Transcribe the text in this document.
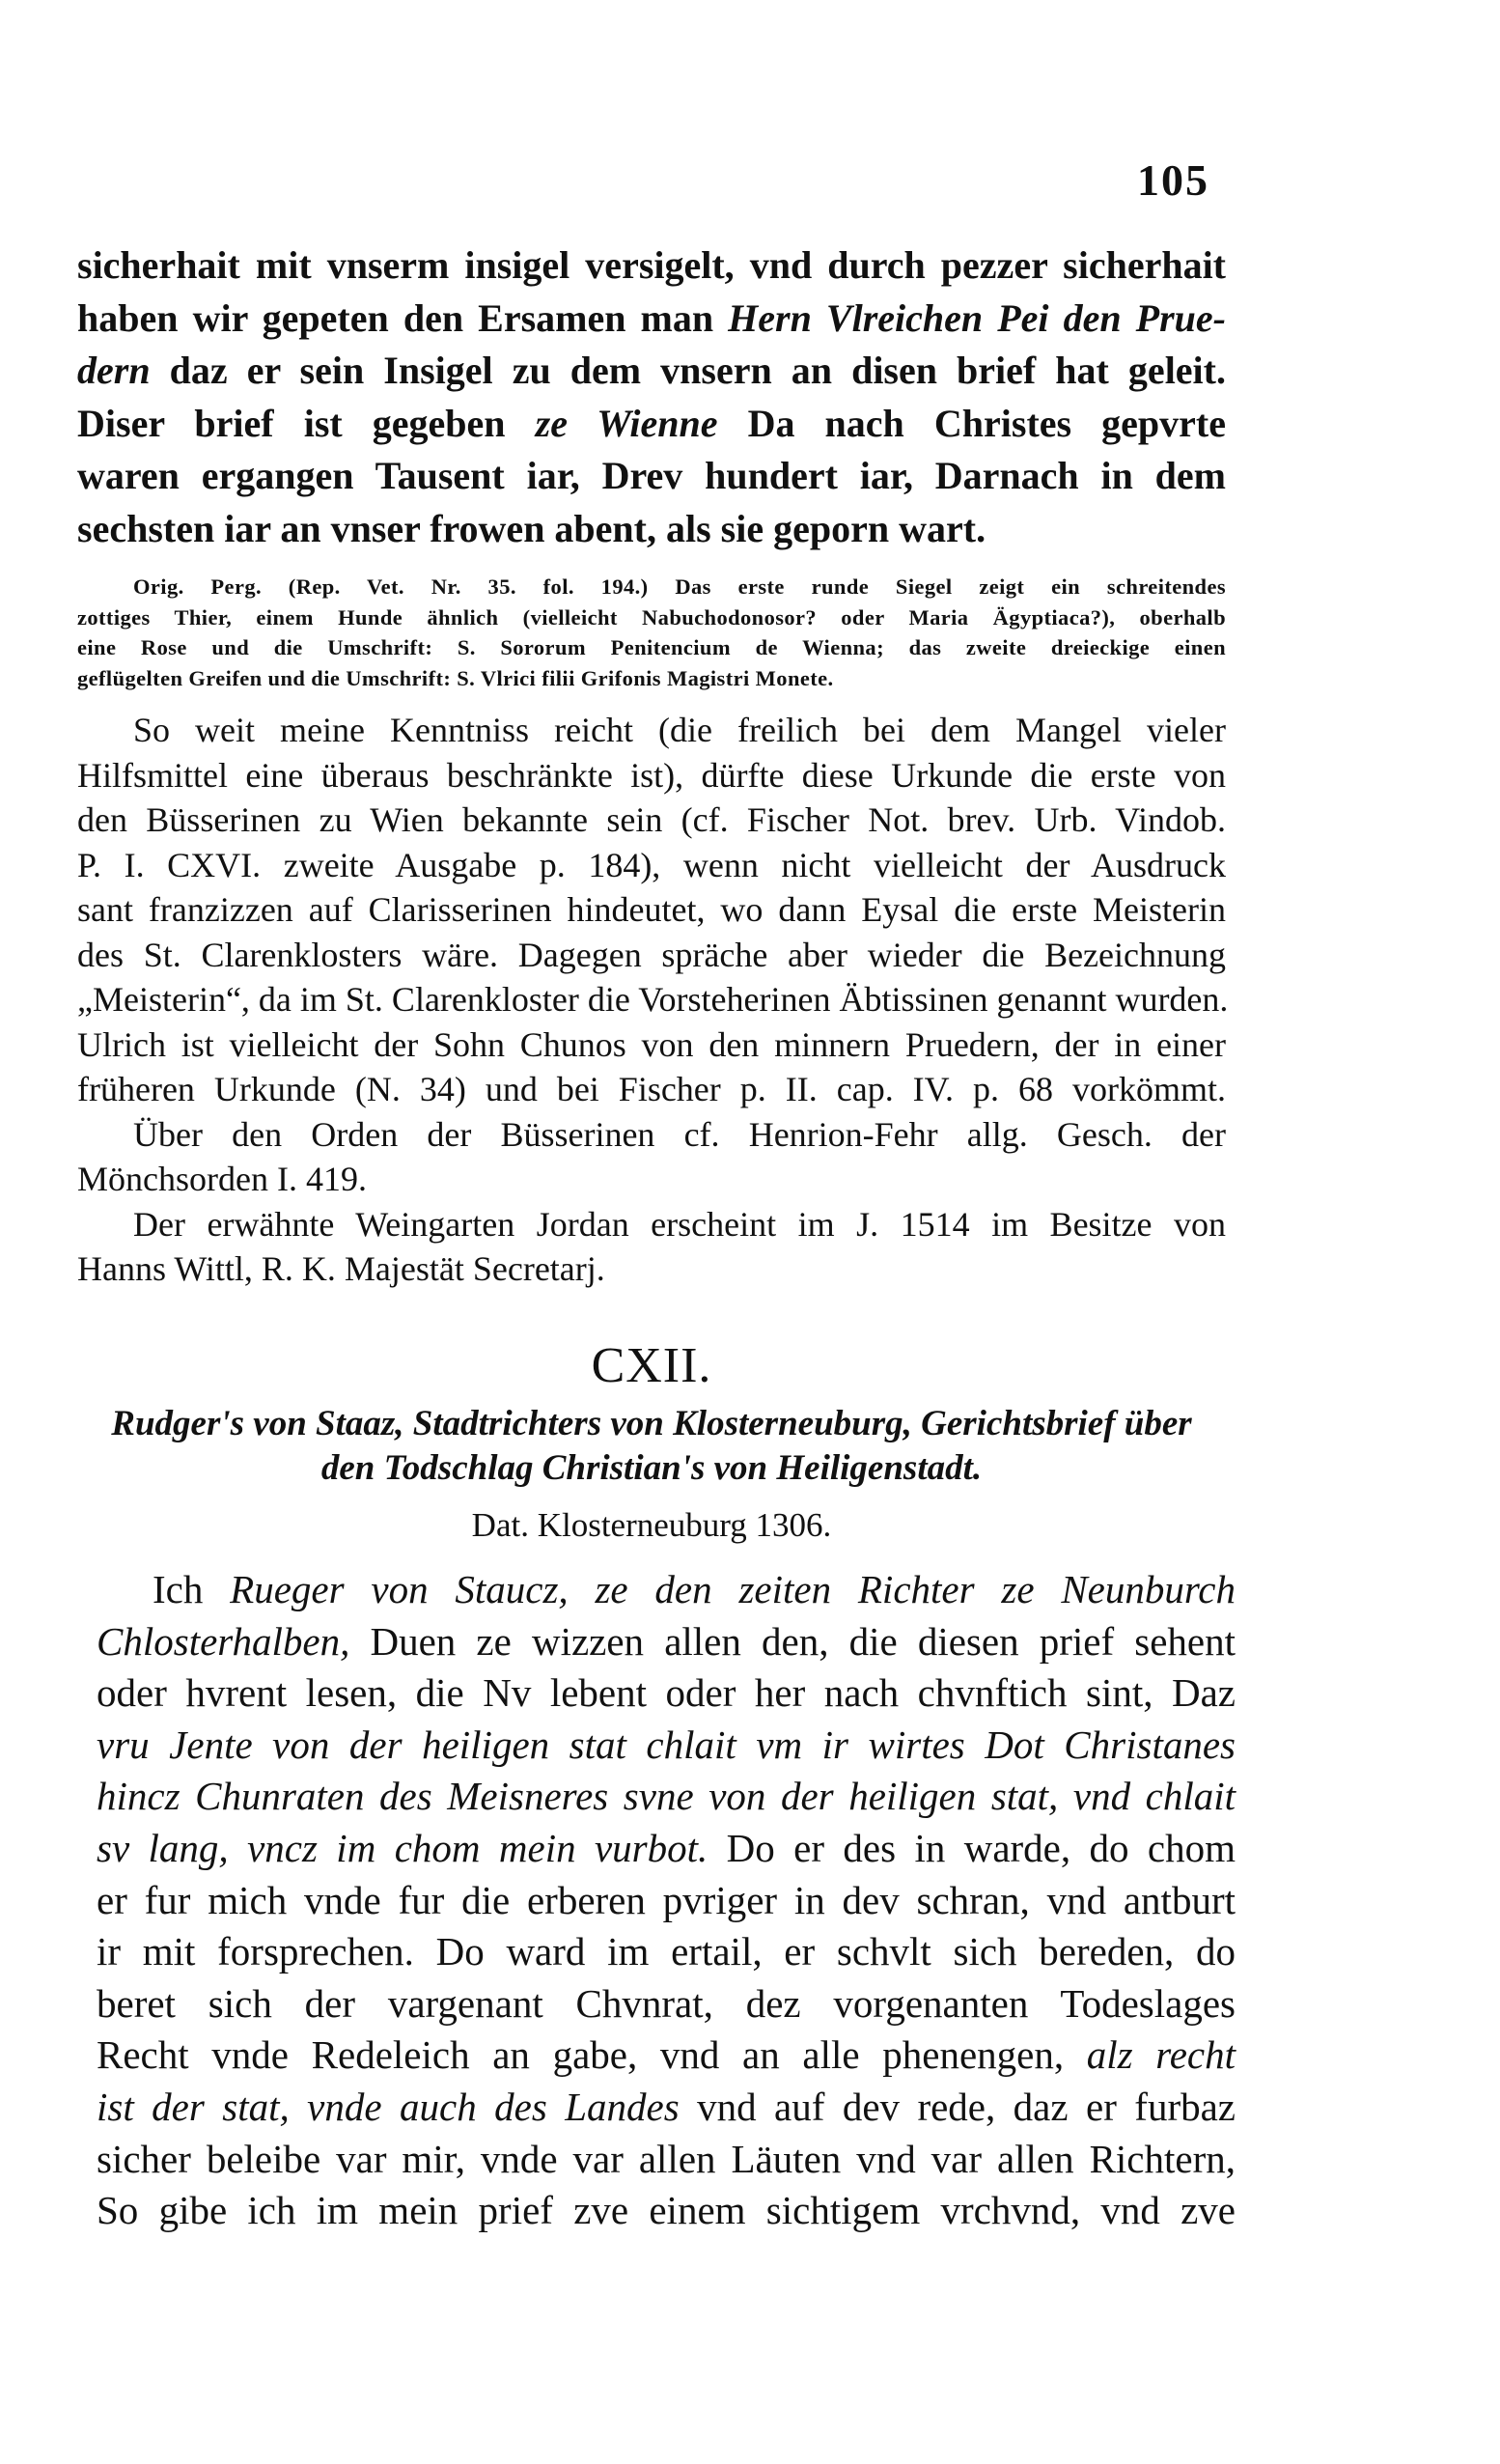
105
sicherhait mit vnserm insigel versigelt, vnd durch pezzer sicherhait
haben wir gepeten den Ersamen man Hern Vlreichen Pei den Prue-
dern daz er sein Insigel zu dem vnsern an disen brief hat geleit.
Diser brief ist gegeben ze Wienne Da nach Christes gepvrte
waren ergangen Tausent iar, Drev hundert iar, Darnach in dem
sechsten iar an vnser frowen abent, als sie geporn wart.
Orig. Perg. (Rep. Vet. Nr. 35. fol. 194.) Das erste runde Siegel zeigt ein schreitendes
zottiges Thier, einem Hunde ähnlich (vielleicht Nabuchodonosor? oder Maria Ägyptiaca?), oberhalb
eine Rose und die Umschrift: S. Sororum Penitencium de Wienna; das zweite dreieckige einen
geflügelten Greifen und die Umschrift: S. Vlrici filii Grifonis Magistri Monete.
So weit meine Kenntniss reicht (die freilich bei dem Mangel vieler
Hilfsmittel eine überaus beschränkte ist), dürfte diese Urkunde die erste von
den Büsserinen zu Wien bekannte sein (cf. Fischer Not. brev. Urb. Vindob.
P. I. CXVI. zweite Ausgabe p. 184), wenn nicht vielleicht der Ausdruck
sant franzizzen auf Clarisserinen hindeutet, wo dann Eysal die erste Meisterin
des St. Clarenklosters wäre. Dagegen spräche aber wieder die Bezeichnung
„Meisterin“, da im St. Clarenkloster die Vorsteherinen Äbtissinen genannt wurden.
Ulrich ist vielleicht der Sohn Chunos von den minnern Pruedern, der in einer
früheren Urkunde (N. 34) und bei Fischer p. II. cap. IV. p. 68 vorkömmt.
Über den Orden der Büsserinen cf. Henrion-Fehr allg. Gesch. der
Mönchsorden I. 419.
Der erwähnte Weingarten Jordan erscheint im J. 1514 im Besitze von
Hanns Wittl, R. K. Majestät Secretarj.
CXII.
Rudger's von Staaz, Stadtrichters von Klosterneuburg, Gerichtsbrief über
den Todschlag Christian's von Heiligenstadt.
Dat. Klosterneuburg 1306.
Ich Rueger von Staucz, ze den zeiten Richter ze Neunburch
Chlosterhalben, Duen ze wizzen allen den, die diesen prief sehent
oder hvrent lesen, die Nv lebent oder her nach chvnftich sint, Daz
vru Jente von der heiligen stat chlait vm ir wirtes Dot Christanes
hincz Chunraten des Meisneres svne von der heiligen stat, vnd chlait
sv lang, vncz im chom mein vurbot. Do er des in warde, do chom
er fur mich vnde fur die erberen pvriger in dev schran, vnd antburt
ir mit forsprechen. Do ward im ertail, er schvlt sich bereden, do
beret sich der vargenant Chvnrat, dez vorgenanten Todeslages
Recht vnde Redeleich an gabe, vnd an alle phenengen, alz recht
ist der stat, vnde auch des Landes vnd auf dev rede, daz er furbaz
sicher beleibe var mir, vnde var allen Läuten vnd var allen Richtern,
So gibe ich im mein prief zve einem sichtigem vrchvnd, vnd zve
